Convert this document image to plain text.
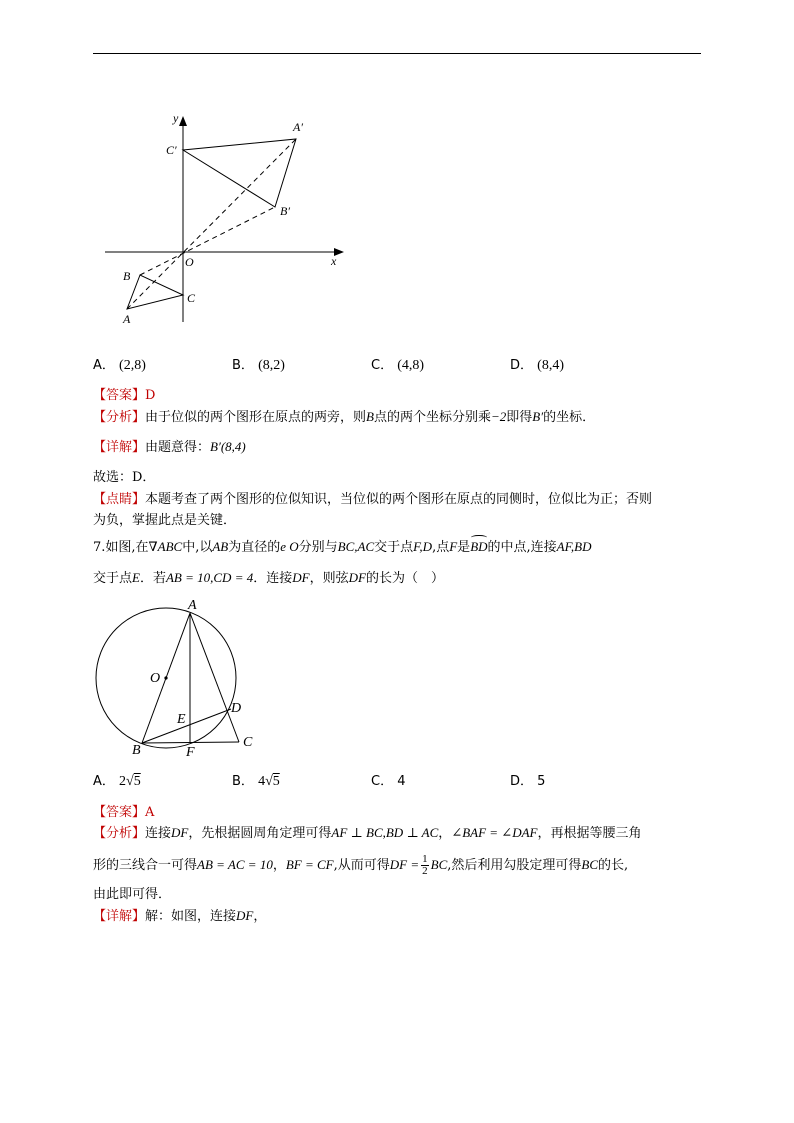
y
x
O
A′
B′
C′
A
B
C
A． (2,8)	B． (8,2)	C． (4,8)	D． (8,4)
【答案】D
【分析】由于位似的两个图形在原点的两旁，则B点的两个坐标分别乘−2即得B′的坐标．
【详解】由题意得：B′(8,4)
故选：D．
【点睛】本题考查了两个图形的位似知识，当位似的两个图形在原点的同侧时，位似比为正；否则
为负，掌握此点是关键．
7.如图,在∇ABC中,以AB为直径的e O分别与BC,AC交于点F,D,点F是BD的中点,连接AF,BD
交于点E．若AB = 10,CD = 4．连接DF，则弦DF的长为（　）
A
O
E
D
B	F
C
A． 2√5	B． 4√5	C． 4	D． 5
【答案】A
【分析】连接DF，先根据圆周角定理可得AF ⊥ BC,BD ⊥ AC，∠BAF = ∠DAF，再根据等腰三角
形的三线合一可得AB = AC = 10，BF = CF,从而可得DF = $\frac{1}{2}$ BC,然后利用勾股定理可得BC的长,
由此即可得．
【详解】解：如图，连接DF，
